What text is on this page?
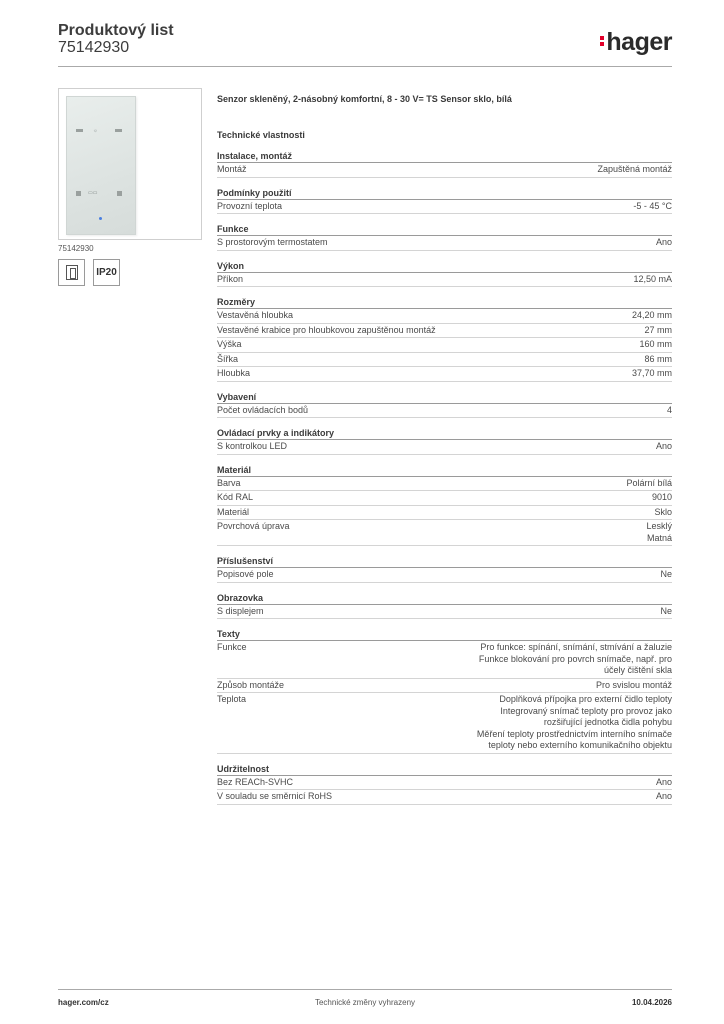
Produktový list
75142930	hager
☼
▭▭
75142930
IP20
Senzor skleněný, 2-násobný komfortní, 8 - 30 V= TS Sensor sklo, bílá
Technické vlastnosti
Instalace, montáž
Montáž	Zapuštěná montáž
Podmínky použití
Provozní teplota	-5 - 45 °C
Funkce
S prostorovým termostatem	Ano
Výkon
Příkon	12,50 mA
Rozměry
Vestavěná hloubka	24,20 mm
Vestavěné krabice pro hloubkovou zapuštěnou montáž	27 mm
Výška	160 mm
Šířka	86 mm
Hloubka	37,70 mm
Vybavení
Počet ovládacích bodů	4
Ovládací prvky a indikátory
S kontrolkou LED	Ano
Materiál
Barva	Polární bílá
Kód RAL	9010
Materiál	Sklo
Povrchová úprava	Lesklý
Matná
Příslušenství
Popisové pole	Ne
Obrazovka
S displejem	Ne
Texty
Funkce	Pro funkce: spínání, snímání, stmívání a žaluzie
Funkce blokování pro povrch snímače, např. pro
účely čištění skla
Způsob montáže	Pro svislou montáž
Teplota	Doplňková přípojka pro externí čidlo teploty
Integrovaný snímač teploty pro provoz jako
rozšiřující jednotka čidla pohybu
Měření teploty prostřednictvím interního snímače
teploty nebo externího komunikačního objektu
Udržitelnost
Bez REACh-SVHC	Ano
V souladu se směrnicí RoHS	Ano
hager.com/cz	Technické změny vyhrazeny	10.04.2026
